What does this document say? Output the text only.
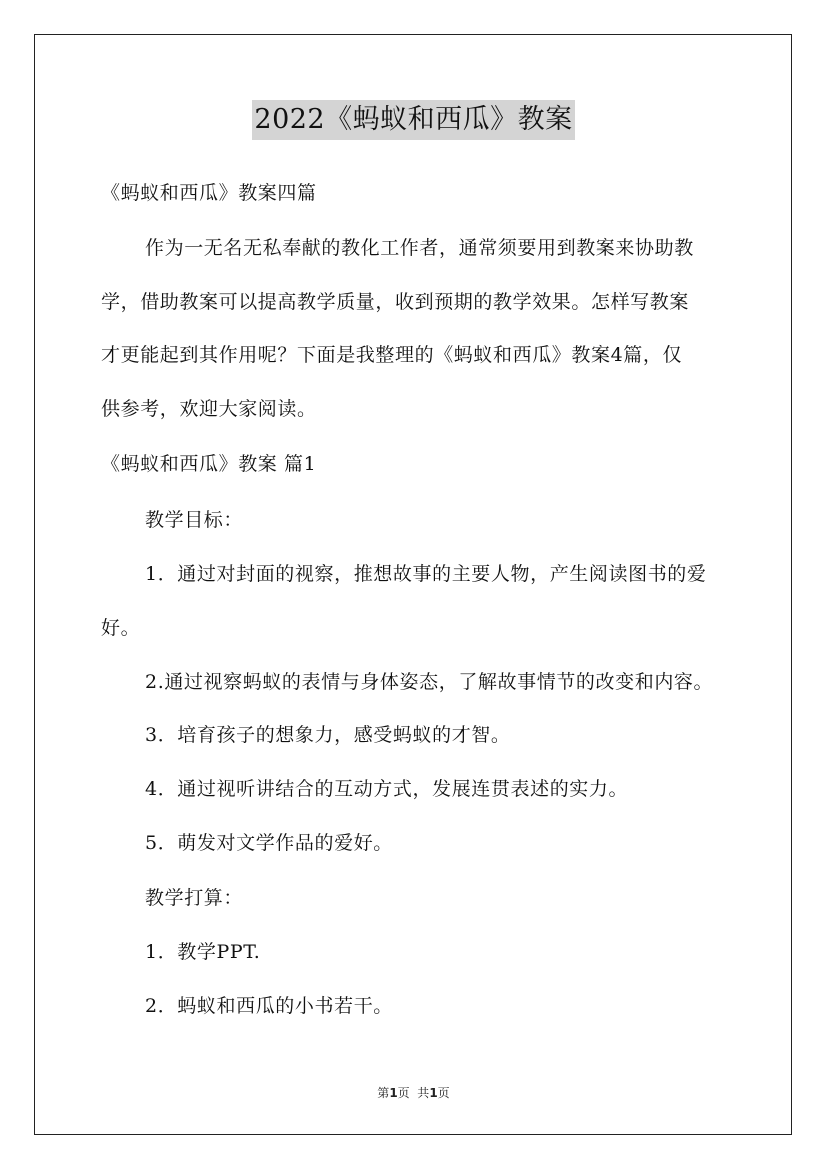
2022《蚂蚁和西瓜》教案
《蚂蚁和西瓜》教案四篇
作为一无名无私奉献的教化工作者，通常须要用到教案来协助教
学，借助教案可以提高教学质量，收到预期的教学效果。怎样写教案
才更能起到其作用呢？下面是我整理的《蚂蚁和西瓜》教案4篇，仅
供参考，欢迎大家阅读。
《蚂蚁和西瓜》教案 篇1
教学目标：
1．通过对封面的视察，推想故事的主要人物，产生阅读图书的爱
好。
2.通过视察蚂蚁的表情与身体姿态，了解故事情节的改变和内容。
3．培育孩子的想象力，感受蚂蚁的才智。
4．通过视听讲结合的互动方式，发展连贯表述的实力。
5．萌发对文学作品的爱好。
教学打算：
1．教学PPT.
2．蚂蚁和西瓜的小书若干。
第1页  共1页
